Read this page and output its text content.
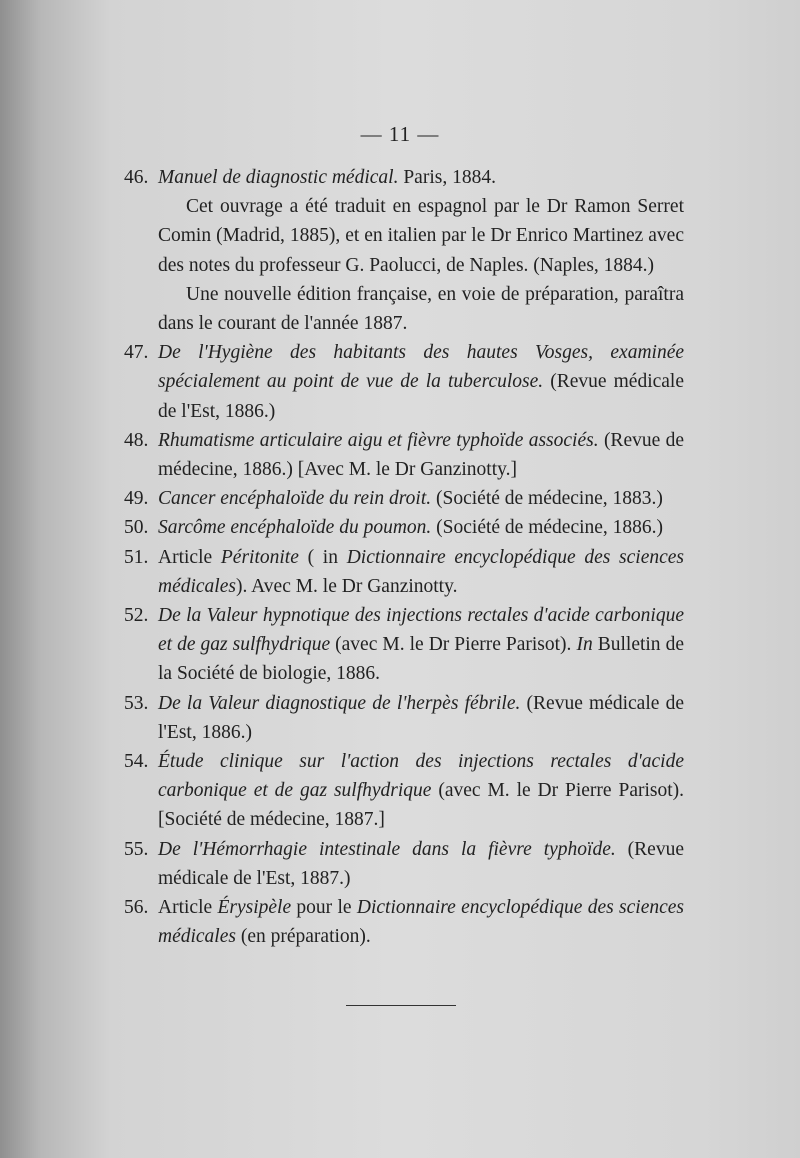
— 11 —
46. Manuel de diagnostic médical. Paris, 1884.
Cet ouvrage a été traduit en espagnol par le Dr Ramon Serret Comin (Madrid, 1885), et en italien par le Dr Enrico Martinez avec des notes du professeur G. Paolucci, de Naples. (Naples, 1884.)
Une nouvelle édition française, en voie de préparation, paraîtra dans le courant de l'année 1887.
47. De l'Hygiène des habitants des hautes Vosges, examinée spécialement au point de vue de la tuberculose. (Revue médicale de l'Est, 1886.)
48. Rhumatisme articulaire aigu et fièvre typhoïde associés. (Revue de médecine, 1886.) [Avec M. le Dr Ganzinotty.]
49. Cancer encéphaloïde du rein droit. (Société de médecine, 1883.)
50. Sarcôme encéphaloïde du poumon. (Société de médecine, 1886.)
51. Article Péritonite ( in Dictionnaire encyclopédique des sciences médicales). Avec M. le Dr Ganzinotty.
52. De la Valeur hypnotique des injections rectales d'acide carbonique et de gaz sulfhydrique (avec M. le Dr Pierre Parisot). In Bulletin de la Société de biologie, 1886.
53. De la Valeur diagnostique de l'herpès fébrile. (Revue médicale de l'Est, 1886.)
54. Étude clinique sur l'action des injections rectales d'acide carbonique et de gaz sulfhydrique (avec M. le Dr Pierre Parisot). [Société de médecine, 1887.]
55. De l'Hémorrhagie intestinale dans la fièvre typhoïde. (Revue médicale de l'Est, 1887.)
56. Article Érysipèle pour le Dictionnaire encyclopédique des sciences médicales (en préparation).
